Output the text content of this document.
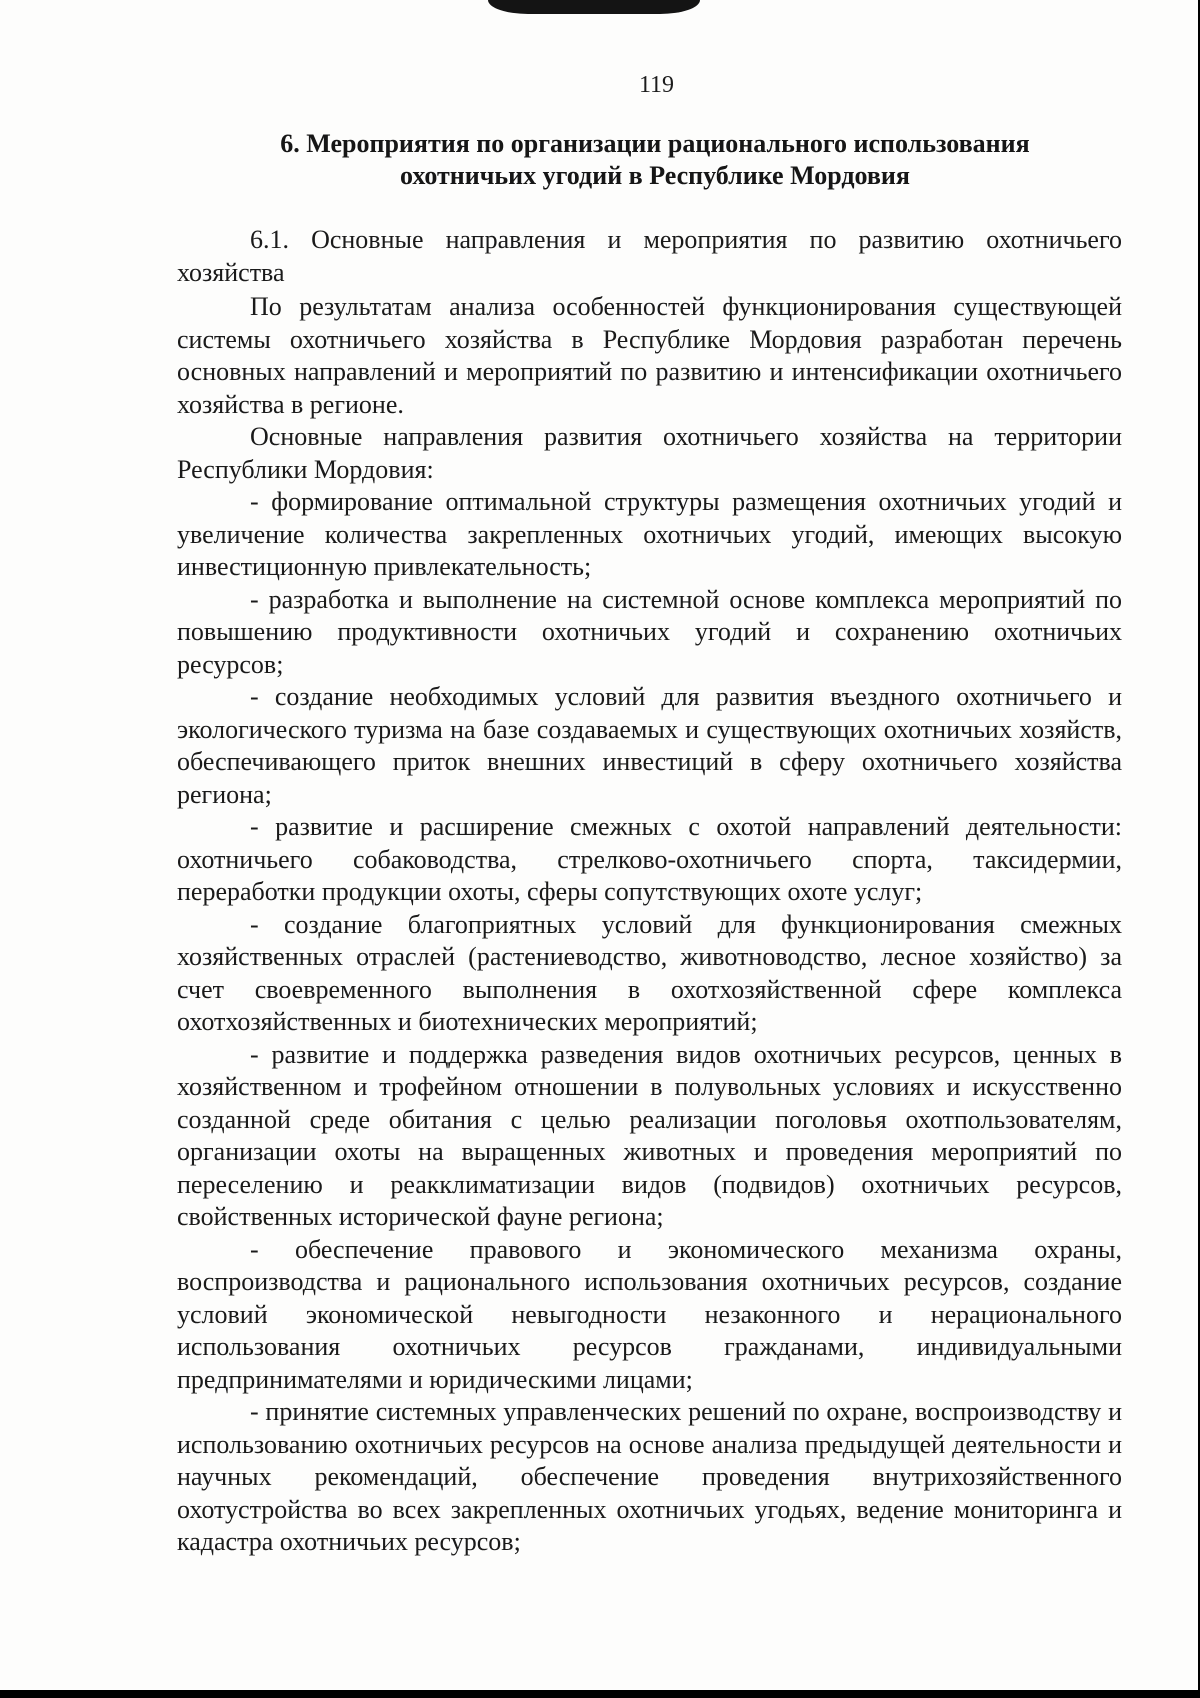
119
6. Мероприятия по организации рационального использования
охотничьих угодий в Республике Мордовия

6.1. Основные направления и мероприятия по развитию охотничьего хозяйства

По результатам анализа особенностей функционирования существующей системы охотничьего хозяйства в Республике Мордовия разработан перечень основных направлений и мероприятий по развитию и интенсификации охотничьего хозяйства в регионе.

Основные направления развития охотничьего хозяйства на территории Республики Мордовия:

- формирование оптимальной структуры размещения охотничьих угодий и увеличение количества закрепленных охотничьих угодий, имеющих высокую инвестиционную привлекательность;

- разработка и выполнение на системной основе комплекса мероприятий по повышению продуктивности охотничьих угодий и сохранению охотничьих ресурсов;

- создание необходимых условий для развития въездного охотничьего и экологического туризма на базе создаваемых и существующих охотничьих хозяйств, обеспечивающего приток внешних инвестиций в сферу охотничьего хозяйства региона;

- развитие и расширение смежных с охотой направлений деятельности: охотничьего собаководства, стрелково-охотничьего спорта, таксидермии, переработки продукции охоты, сферы сопутствующих охоте услуг;

- создание благоприятных условий для функционирования смежных хозяйственных отраслей (растениеводство, животноводство, лесное хозяйство) за счет своевременного выполнения в охотхозяйственной сфере комплекса охотхозяйственных и биотехнических мероприятий;

- развитие и поддержка разведения видов охотничьих ресурсов, ценных в хозяйственном и трофейном отношении в полувольных условиях и искусственно созданной среде обитания с целью реализации поголовья охотпользователям, организации охоты на выращенных животных и проведения мероприятий по переселению и реакклиматизации видов (подвидов) охотничьих ресурсов, свойственных исторической фауне региона;

- обеспечение правового и экономического механизма охраны, воспроизводства и рационального использования охотничьих ресурсов, создание условий экономической невыгодности незаконного и нерационального использования охотничьих ресурсов гражданами, индивидуальными предпринимателями и юридическими лицами;

- принятие системных управленческих решений по охране, воспроизводству и использованию охотничьих ресурсов на основе анализа предыдущей деятельности и научных рекомендаций, обеспечение проведения внутрихозяйственного охотустройства во всех закрепленных охотничьих угодьях, ведение мониторинга и кадастра охотничьих ресурсов;
